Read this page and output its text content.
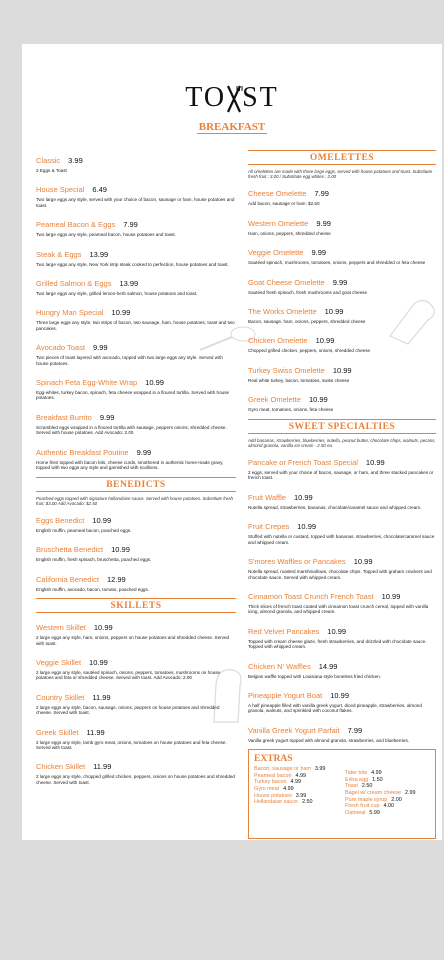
TO ST
BREAKFAST
Classic 3.99
2 Eggs & Toast
House Special 6.49
Two large eggs any style, served with your choice of bacon, sausage or ham, house potatoes and toast.
Peameal Bacon & Eggs 7.99
Two large eggs any style, peameal bacon, house potatoes and toast.
Steak & Eggs 13.99
Two large eggs any style, New York strip steak cooked to perfection, house potatoes and toast.
Grilled Salmon & Eggs 13.99
Two large eggs any style, grilled lemon-herb salmon, house potatoes and toast.
Hungry Man Special 10.99
Three large eggs any style, two strips of bacon, two sausage, ham, house potatoes, toast and two pancakes.
Avocado Toast 9.99
Two pieces of toast layered with avocado, topped with two large eggs any style. Served with house potatoes.
Spinach Feta Egg-White Wrap 10.99
Egg-whites, turkey bacon, spinach, feta cheese wrapped in a floured tortilla. Served with house potatoes.
Breakfast Burrito 9.99
Scrambled eggs wrapped in a floured tortilla with sausage, peppers onions, shredded cheese. Served with house potatoes. Add Avocado: 2.00
Authentic Breakfast Poutine 9.99
Home fries topped with bacon bits, cheese curds, smothered in authentic home-made gravy, topped with two eggs any style and garnished with scallions.
BENEDICTS
Poached eggs topped with signature hollandaise sauce. Served with house potatoes. Substitute fresh fruit: $3.00 Add Avocado: $2.50
Eggs Benedict 10.99
English muffin, peameal bacon, poached eggs.
Bruschetta Benedict 10.99
English muffin, fresh spinach, bruschetta, poached eggs.
California Benedict 12.99
English muffin, avocado, bacon, tomato, poached eggs.
SKILLETS
Western Skillet 10.99
2 large eggs any style, ham, onions, peppers on house potatoes and shredded cheese. Served with toast.
Veggie Skillet 10.99
2 large eggs any style, sautéed spinach, onions, peppers, tomatoes, mushrooms on house potatoes and feta or shredded cheese. Served with toast. Add Avocado: 2.00
Country Skillet 11.99
2 large eggs any style, bacon, sausage, onions, peppers on house potatoes and shredded cheese. Served with toast.
Greek Skillet 11.99
2 large eggs any style, lamb gyro meat, onions, tomatoes on house potatoes and feta cheese. Served with toast.
Chicken Skillet 11.99
2 large eggs any style, chopped grilled chicken, peppers, onions on house potatoes and shredded cheese. Served with toast.
OMELETTES
All omelettes are made with three large eggs, served with house potatoes and toast. Substitute fresh fruit : 3.00 / Substitute egg whites : 2.00
Cheese Omelette 7.99
Add bacon, sausage or ham: $2.50
Western Omelette 9.99
Ham, onions, peppers, shredded cheese
Veggie Omelette 9.99
Sautéed spinach, mushrooms, tomatoes, onions, peppers and shredded or feta cheese
Goat Cheese Omelette 9.99
Sautéed fresh spinach, fresh mushrooms and goat cheese
The Works Omelette 10.99
Bacon, sausage, ham, onions, peppers, shredded cheese
Chicken Omelette 10.99
Chopped grilled chicken, peppers, onions, shredded cheese
Turkey Swiss Omelette 10.99
Real white turkey, bacon, tomatoes, swiss cheese
Greek Omelette 10.99
Gyro meat, tomatoes, onions, feta cheese
SWEET SPECIALTIES
Add bananas, strawberries, blueberries, nutella, peanut butter, chocolate chips, walnuts, pecans, almond granola, vanilla ice cream - 2.50 ea.
Pancake or French Toast Special 10.99
2 eggs, served with your choice of bacon, sausage, or ham, and three stacked pancakes or french toast.
Fruit Waffle 10.99
Nutella spread, strawberries, bananas, chocolate/caramel sauce and whipped cream.
Fruit Crepes 10.99
Stuffed with nutella or custard, topped with bananas, strawberries, chocolate/caramel sauce and whipped cream.
S'mores Waffles or Pancakes 10.99
Nutella spread, roasted marshmallows, chocolate chips. Topped with graham crackers and chocolate sauce. Served with whipped cream.
Cinnamon Toast Crunch French Toast 10.99
Thick slices of french toast coated with cinnamon toast crunch cereal, topped with vanilla icing, almond granola, and whipped cream.
Red Velvet Pancakes 10.99
Topped with cream cheese glaze, fresh strawberries, and drizzled with chocolate sauce. Topped with whipped cream.
Chicken N' Waffles 14.99
Belgian waffle topped with Louisiana style boneless fried chicken.
Pineapple Yogurt Boat 10.99
A half pineapple filled with vanilla greek yogurt, diced pineapple, strawberries, almond granola, walnuts, and sprinkled with coconut flakes.
Vanilla Greek Yogurt Parfait 7.99
Vanilla greek yogurt topped with almond granola, strawberries, and blueberries.
EXTRAS
Bacon, sausage or ham 3.99
Peameal bacon 4.99
Turkey bacon 4.99
Gyro meat 4.99
House potatoes 3.99
Hollandaise sauce 2.50
Tater tots 4.99
Extra egg 1.50
Toast 2.50
Bagel w/ cream cheese 2.99
Pure maple syrup 2.00
Fresh fruit cup 4.00
Oatmeal 5.99
